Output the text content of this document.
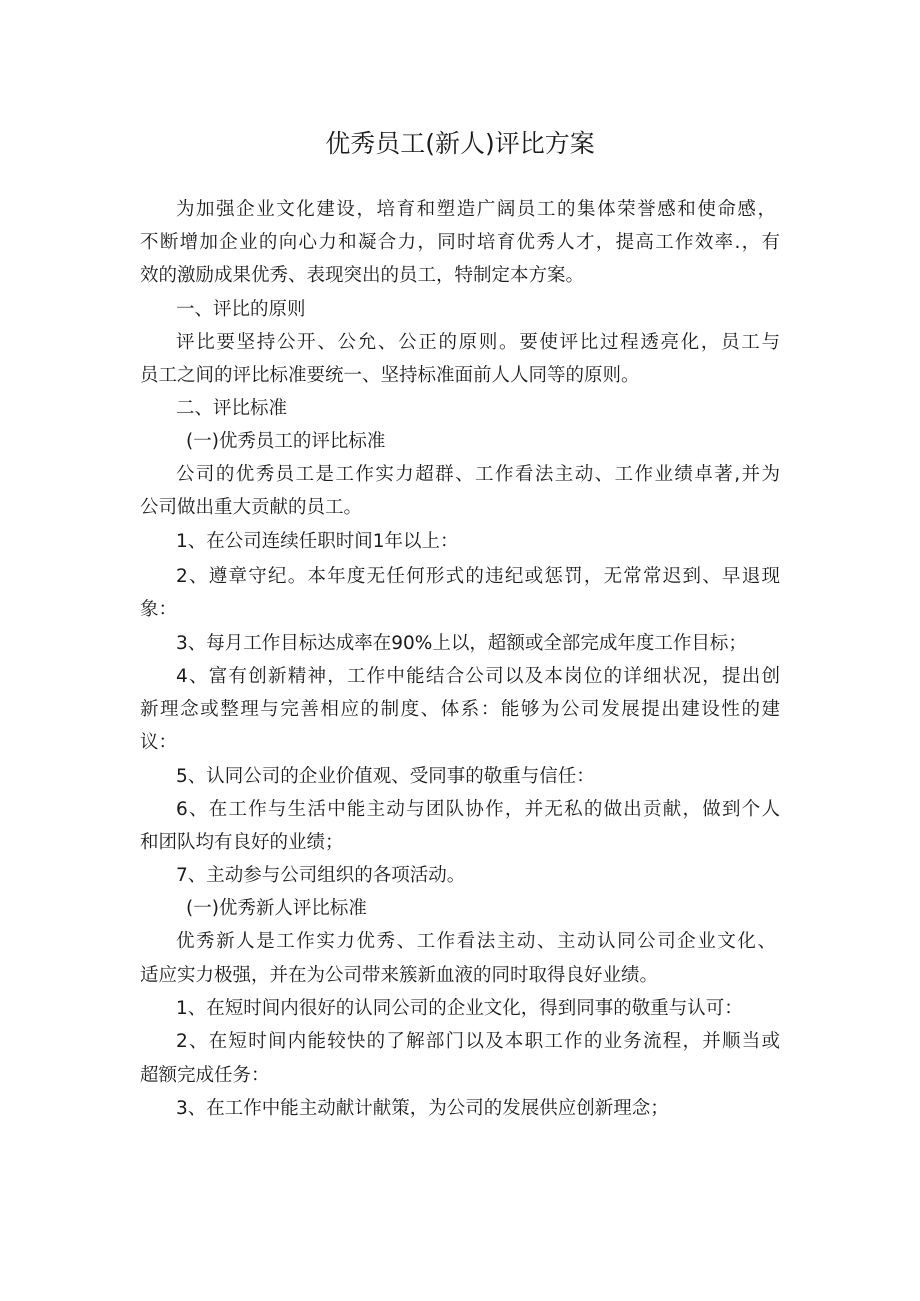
优秀员工(新人)评比方案
为加强企业文化建设，培育和塑造广阔员工的集体荣誉感和使命感，
不断增加企业的向心力和凝合力，同时培育优秀人才，提高工作效率.，有
效的激励成果优秀、表现突出的员工，特制定本方案。
一、评比的原则
评比要坚持公开、公允、公正的原则。要使评比过程透亮化，员工与
员工之间的评比标准要统一、坚持标准面前人人同等的原则。
二、评比标准
(一)优秀员工的评比标准
公司的优秀员工是工作实力超群、工作看法主动、工作业绩卓著,并为
公司做出重大贡献的员工。
1、在公司连续任职时间1年以上：
2、遵章守纪。本年度无任何形式的违纪或惩罚，无常常迟到、早退现
象：
3、每月工作目标达成率在90%上以，超额或全部完成年度工作目标；
4、富有创新精神，工作中能结合公司以及本岗位的详细状况，提出创
新理念或整理与完善相应的制度、体系：能够为公司发展提出建设性的建
议：
5、认同公司的企业价值观、受同事的敬重与信任：
6、在工作与生活中能主动与团队协作，并无私的做出贡献，做到个人
和团队均有良好的业绩；
7、主动参与公司组织的各项活动。
(一)优秀新人评比标准
优秀新人是工作实力优秀、工作看法主动、主动认同公司企业文化、
适应实力极强，并在为公司带来簇新血液的同时取得良好业绩。
1、在短时间内很好的认同公司的企业文化，得到同事的敬重与认可：
2、在短时间内能较快的了解部门以及本职工作的业务流程，并顺当或
超额完成任务：
3、在工作中能主动献计献策，为公司的发展供应创新理念；
